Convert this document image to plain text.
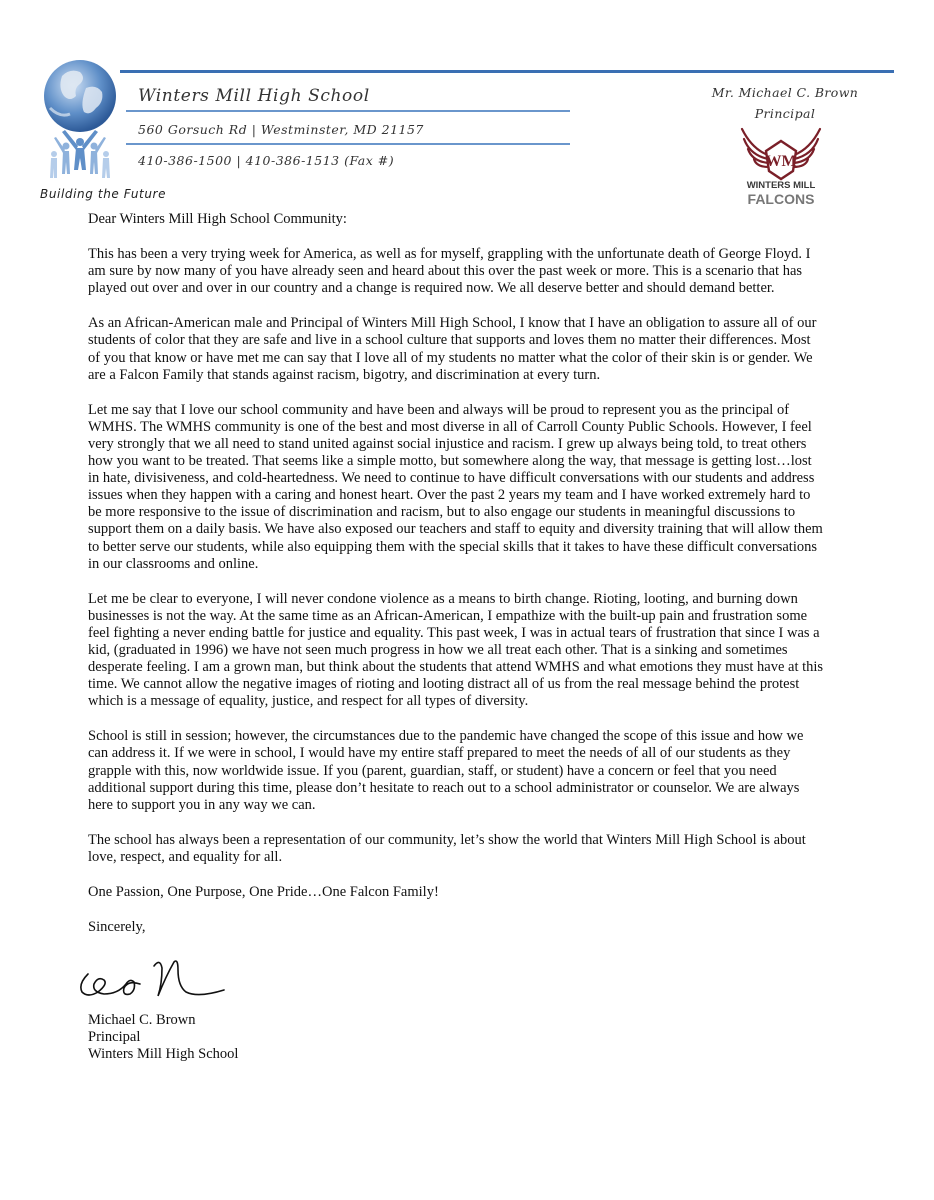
Building the Future
Winters Mill High School
560 Gorsuch Rd | Westminster, MD 21157
410-386-1500 | 410-386-1513 (Fax #)
Mr. Michael C. Brown
Principal
WM
WINTERS MILL
FALCONS

Dear Winters Mill High School Community:

This has been a very trying week for America, as well as for myself, grappling with the unfortunate death of George Floyd. I am sure by now many of you have already seen and heard about this over the past week or more. This is a scenario that has played out over and over in our country and a change is required now. We all deserve better and should demand better.

As an African-American male and Principal of Winters Mill High School, I know that I have an obligation to assure all of our students of color that they are safe and live in a school culture that supports and loves them no matter their differences. Most of you that know or have met me can say that I love all of my students no matter what the color of their skin is or gender. We are a Falcon Family that stands against racism, bigotry, and discrimination at every turn.

Let me say that I love our school community and have been and always will be proud to represent you as the principal of WMHS. The WMHS community is one of the best and most diverse in all of Carroll County Public Schools. However, I feel very strongly that we all need to stand united against social injustice and racism. I grew up always being told, to treat others how you want to be treated. That seems like a simple motto, but somewhere along the way, that message is getting lost…lost in hate, divisiveness, and cold-heartedness. We need to continue to have difficult conversations with our students and address issues when they happen with a caring and honest heart. Over the past 2 years my team and I have worked extremely hard to be more responsive to the issue of discrimination and racism, but to also engage our students in meaningful discussions to support them on a daily basis. We have also exposed our teachers and staff to equity and diversity training that will allow them to better serve our students, while also equipping them with the special skills that it takes to have these difficult conversations in our classrooms and online.

Let me be clear to everyone, I will never condone violence as a means to birth change. Rioting, looting, and burning down businesses is not the way. At the same time as an African-American, I empathize with the built-up pain and frustration some feel fighting a never ending battle for justice and equality. This past week, I was in actual tears of frustration that since I was a kid, (graduated in 1996) we have not seen much progress in how we all treat each other. That is a sinking and sometimes desperate feeling. I am a grown man, but think about the students that attend WMHS and what emotions they must have at this time. We cannot allow the negative images of rioting and looting distract all of us from the real message behind the protest which is a message of equality, justice, and respect for all types of diversity.

School is still in session; however, the circumstances due to the pandemic have changed the scope of this issue and how we can address it. If we were in school, I would have my entire staff prepared to meet the needs of all of our students as they grapple with this, now worldwide issue. If you (parent, guardian, staff, or student) have a concern or feel that you need additional support during this time, please don’t hesitate to reach out to a school administrator or counselor. We are always here to support you in any way we can.

The school has always been a representation of our community, let’s show the world that Winters Mill High School is about love, respect, and equality for all.

One Passion, One Purpose, One Pride…One Falcon Family!

Sincerely,

Michael C. Brown
Principal
Winters Mill High School
